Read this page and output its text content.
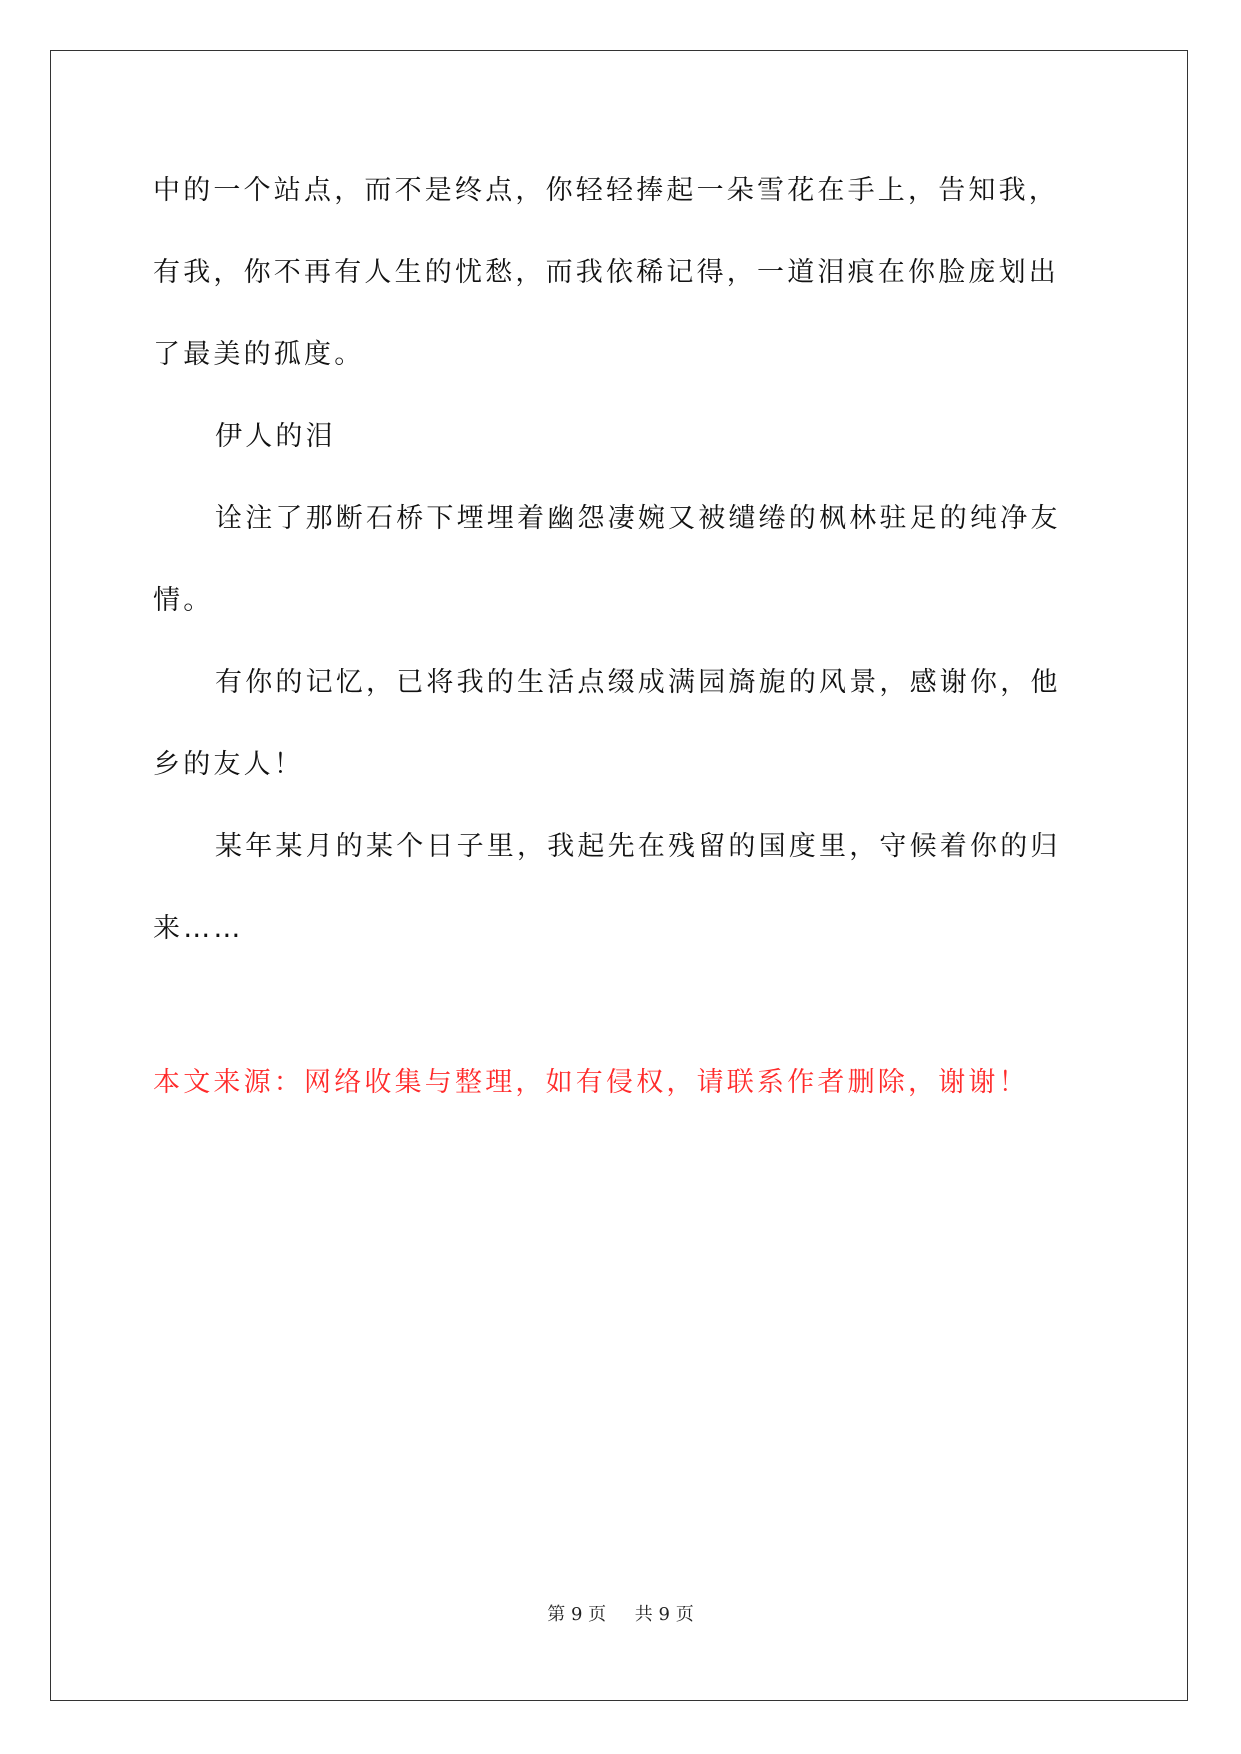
中的一个站点，而不是终点，你轻轻捧起一朵雪花在手上，告知我，
有我，你不再有人生的忧愁，而我依稀记得，一道泪痕在你脸庞划出
了最美的孤度。
伊人的泪
诠注了那断石桥下堙埋着幽怨凄婉又被缱绻的枫林驻足的纯净友
情。
有你的记忆，已将我的生活点缀成满园旖旎的风景，感谢你，他
乡的友人！
某年某月的某个日子里，我起先在残留的国度里，守候着你的归
来……
本文来源：网络收集与整理，如有侵权，请联系作者删除，谢谢！
第 9 页 共 9 页
